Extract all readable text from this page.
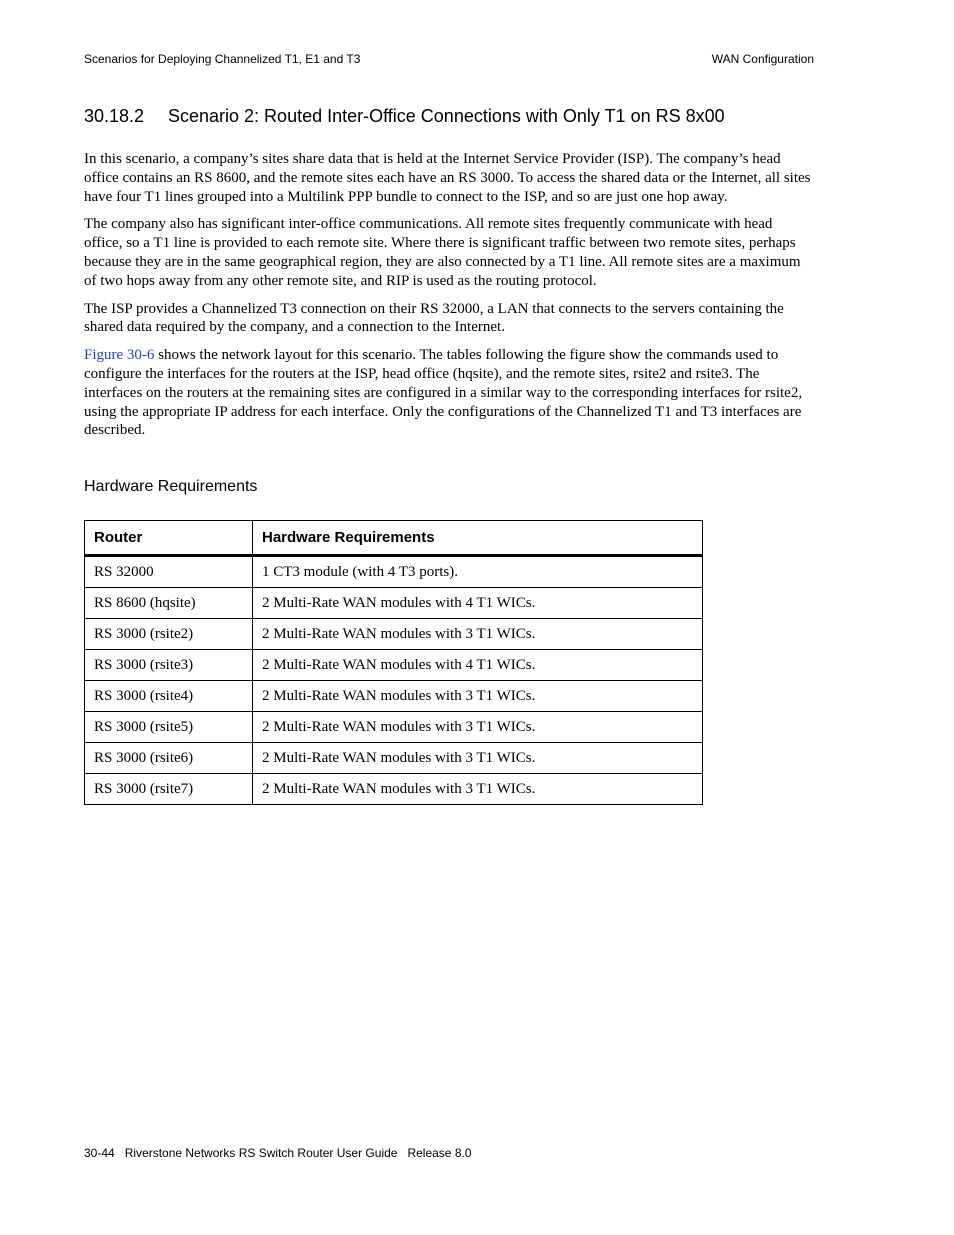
Scenarios for Deploying Channelized T1, E1 and T3	WAN Configuration
30.18.2 Scenario 2: Routed Inter-Office Connections with Only T1 on RS 8x00

In this scenario, a company’s sites share data that is held at the Internet Service Provider (ISP). The company’s head office contains an RS 8600, and the remote sites each have an RS 3000. To access the shared data or the Internet, all sites have four T1 lines grouped into a Multilink PPP bundle to connect to the ISP, and so are just one hop away.

The company also has significant inter-office communications. All remote sites frequently communicate with head office, so a T1 line is provided to each remote site. Where there is significant traffic between two remote sites, perhaps because they are in the same geographical region, they are also connected by a T1 line. All remote sites are a maximum of two hops away from any other remote site, and RIP is used as the routing protocol.

The ISP provides a Channelized T3 connection on their RS 32000, a LAN that connects to the servers containing the shared data required by the company, and a connection to the Internet.

Figure 30-6 shows the network layout for this scenario. The tables following the figure show the commands used to configure the interfaces for the routers at the ISP, head office (hqsite), and the remote sites, rsite2 and rsite3. The interfaces on the routers at the remaining sites are configured in a similar way to the corresponding interfaces for rsite2, using the appropriate IP address for each interface. Only the configurations of the Channelized T1 and T3 interfaces are described.

Hardware Requirements
Router	Hardware Requirements
RS 32000	1 CT3 module (with 4 T3 ports).
RS 8600 (hqsite)	2 Multi-Rate WAN modules with 4 T1 WICs.
RS 3000 (rsite2)	2 Multi-Rate WAN modules with 3 T1 WICs.
RS 3000 (rsite3)	2 Multi-Rate WAN modules with 4 T1 WICs.
RS 3000 (rsite4)	2 Multi-Rate WAN modules with 3 T1 WICs.
RS 3000 (rsite5)	2 Multi-Rate WAN modules with 3 T1 WICs.
RS 3000 (rsite6)	2 Multi-Rate WAN modules with 3 T1 WICs.
RS 3000 (rsite7)	2 Multi-Rate WAN modules with 3 T1 WICs.
30-44   Riverstone Networks RS Switch Router User Guide   Release 8.0
